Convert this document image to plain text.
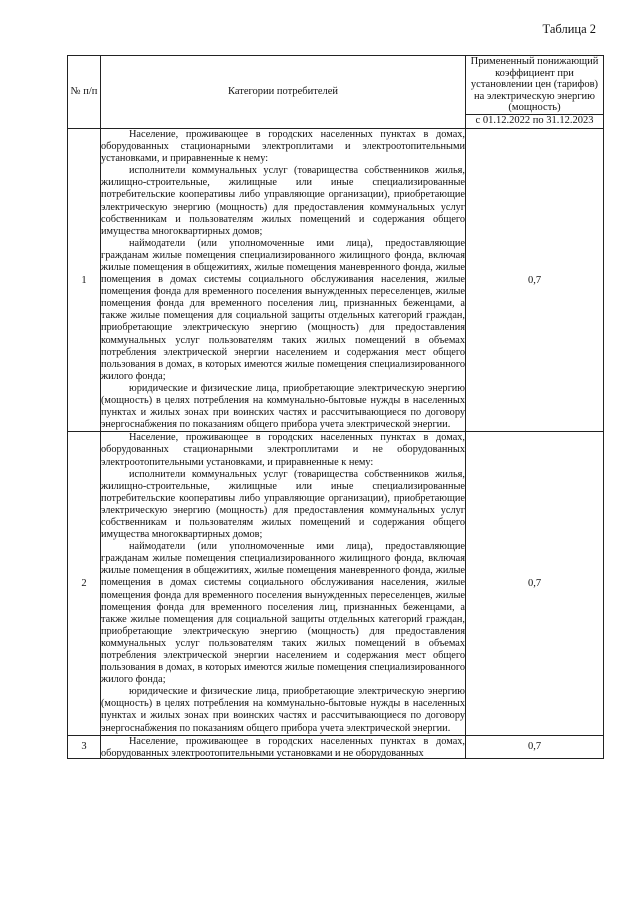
Таблица 2
№ п/п	Категории потребителей	Примененный понижающий коэффициент при установлении цен (тарифов) на электрическую энергию (мощность)
		с 01.12.2022 по 31.12.2023
1	Население, проживающее в городских населенных пунктах в домах, оборудованных стационарными электроплитами и электроотопительными установками, и приравненные к нему:

исполнители коммунальных услуг (товарищества собственников жилья, жилищно-строительные, жилищные или иные специализированные потребительские кооперативы либо управляющие организации), приобретающие электрическую энергию (мощность) для предоставления коммунальных услуг собственникам и пользователям жилых помещений и содержания общего имущества многоквартирных домов;

наймодатели (или уполномоченные ими лица), предоставляющие гражданам жилые помещения специализированного жилищного фонда, включая жилые помещения в общежитиях, жилые помещения маневренного фонда, жилые помещения в домах системы социального обслуживания населения, жилые помещения фонда для временного поселения вынужденных переселенцев, жилые помещения фонда для временного поселения лиц, признанных беженцами, а также жилые помещения для социальной защиты отдельных категорий граждан, приобретающие электрическую энергию (мощность) для предоставления коммунальных услуг пользователям таких жилых помещений в объемах потребления электрической энергии населением и содержания мест общего пользования в домах, в которых имеются жилые помещения специализированного жилого фонда;

юридические и физические лица, приобретающие электрическую энергию (мощность) в целях потребления на коммунально-бытовые нужды в населенных пунктах и жилых зонах при воинских частях и рассчитывающиеся по договору энергоснабжения по показаниям общего прибора учета электрической энергии.	0,7
2	Население, проживающее в городских населенных пунктах в домах, оборудованных стационарными электроплитами и не оборудованных электроотопительными установками, и приравненные к нему:

исполнители коммунальных услуг (товарищества собственников жилья, жилищно-строительные, жилищные или иные специализированные потребительские кооперативы либо управляющие организации), приобретающие электрическую энергию (мощность) для предоставления коммунальных услуг собственникам и пользователям жилых помещений и содержания общего имущества многоквартирных домов;

наймодатели (или уполномоченные ими лица), предоставляющие гражданам жилые помещения специализированного жилищного фонда, включая жилые помещения в общежитиях, жилые помещения маневренного фонда, жилые помещения в домах системы социального обслуживания населения, жилые помещения фонда для временного поселения вынужденных переселенцев, жилые помещения фонда для временного поселения лиц, признанных беженцами, а также жилые помещения для социальной защиты отдельных категорий граждан, приобретающие электрическую энергию (мощность) для предоставления коммунальных услуг пользователям таких жилых помещений в объемах потребления электрической энергии населением и содержания мест общего пользования в домах, в которых имеются жилые помещения специализированного жилого фонда;

юридические и физические лица, приобретающие электрическую энергию (мощность) в целях потребления на коммунально-бытовые нужды в населенных пунктах и жилых зонах при воинских частях и рассчитывающиеся по договору энергоснабжения по показаниям общего прибора учета электрической энергии.	0,7
3	Население, проживающее в городских населенных пунктах в домах, оборудованных электроотопительными установками и не оборудованных	0,7
